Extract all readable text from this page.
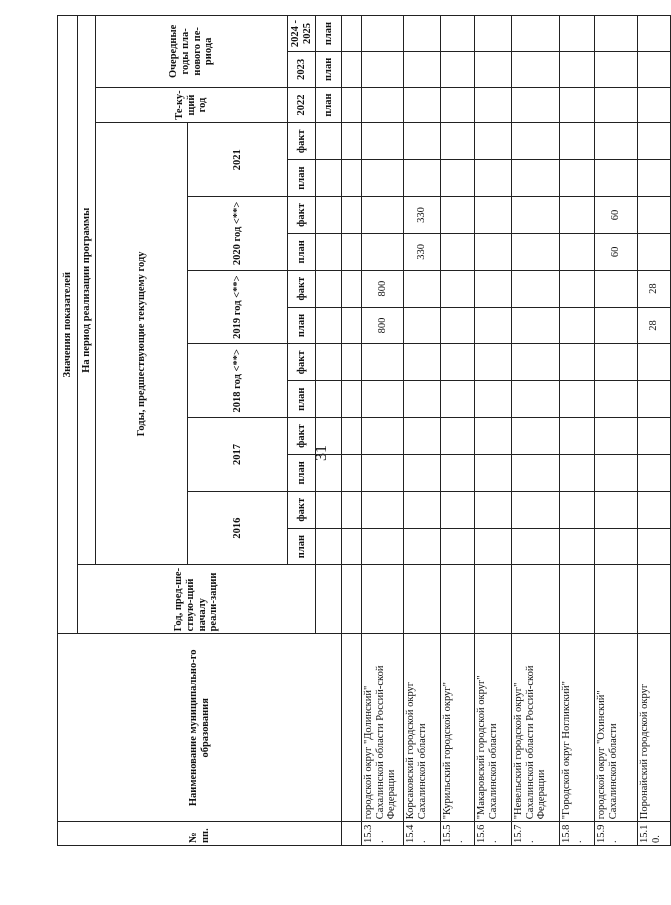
31
№ пп.	Наименование муниципально-го образования	Значения показателей															
		Год, пред-ше-ствую-щий началу реали-зации	На период реализации программы														
			Годы, предшествующие текущему году												Те-ку-щий год	Очередные годы пла-нового пе-риода	
			2016		2017		2018 год <**>		2019 год <**>		2020 год <**>		2021				
			план	факт	план	факт	план	факт	план	факт	план	факт	план	факт	2022	2023	2024 - 2025
															план	план	план

15.3 .	городской округ "Долинский" Сахалинской области Россий-ской Федерации								800	800							
15.4 .	Корсаковский городской округ Сахалинской области										330	330					
15.5 .	"Курильский городской округ"																
15.6 .	"Макаровский городской округ" Сахалинской области																
15.7 .	"Невельский городской округ" Сахалинской области Россий-ской Федерации																
15.8 .	"Городской округ Ногликский"																
15.9 .	городской округ "Охинский" Сахалинской области										60	60					
15.1 0.	Поронайский городской округ								28	28							
